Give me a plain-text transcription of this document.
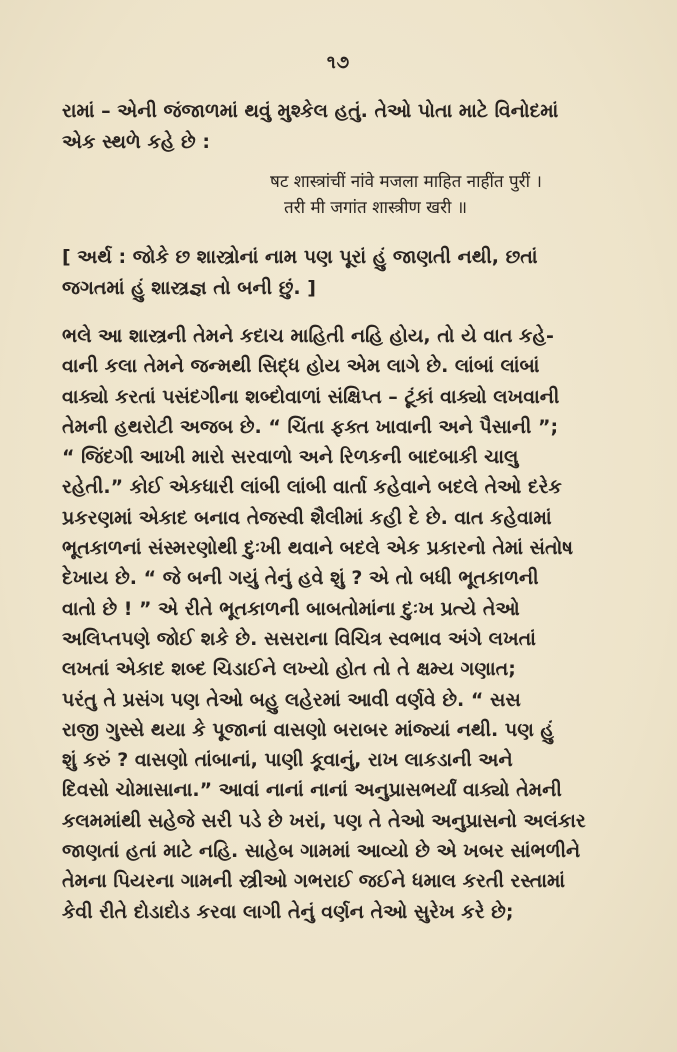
૧૭
રામાં – એની જંજાળમાં થવું મુશ્કેલ હતું. તેઓ પોતા માટે વિનોદમાં
એક સ્થળે કહે છે :
षट शास्त्रांचीं नांवे मजला माहित नाहींत पुरीं ।
तरी मी जगांत शास्त्रीण खरी ॥
[ અર્થ : જોકે છ શાસ્ત્રોનાં નામ પણ પૂરાં હું જાણતી નથી, છતાં
જગતમાં હું શાસ્ત્રજ્ઞ તો બની છું. ]
ભલે આ શાસ્ત્રની તેમને કદાચ માહિતી નહિ હોય, તો યે વાત કહે-
વાની કલા તેમને જન્મથી સિદ્ધ હોય એમ લાગે છે. લાંબાં લાંબાં
વાક્યો કરતાં પસંદગીના શબ્દોવાળાં સંક્ષિપ્ત – ટૂંકાં વાક્યો લખવાની
તેમની હથરોટી અજબ છે. “ ચિંતા ફક્ત ખાવાની અને પૈસાની ”;
“ જિંદગી આખી મારો સરવાળો અને રિળકની બાદબાકી ચાલુ
રહેતી.” કોઈ એકધારી લાંબી લાંબી વાર્તા કહેવાને બદલે તેઓ દરેક
પ્રકરણમાં એકાદ બનાવ તેજસ્વી શૈલીમાં કહી દે છે. વાત કહેવામાં
ભૂતકાળનાં સંસ્મરણોથી દુઃખી થવાને બદલે એક પ્રકારનો તેમાં સંતોષ
દેખાય છે. “ જે બની ગયું તેનું હવે શું ? એ તો બધી ભૂતકાળની
વાતો છે ! ” એ રીતે ભૂતકાળની બાબતોમાંના દુઃખ પ્રત્યે તેઓ
અલિપ્તપણે જોઈ શકે છે. સસરાના વિચિત્ર સ્વભાવ અંગે લખતાં
લખતાં એકાદ શબ્દ ચિડાઈને લખ્યો હોત તો તે ક્ષમ્ય ગણાત;
પરંતુ તે પ્રસંગ પણ તેઓ બહુ લહેરમાં આવી વર્ણવે છે. “ સસ
રાજી ગુસ્સે થયા કે પૂજાનાં વાસણો બરાબર માંજ્યાં નથી. પણ હું
શું કરું ? વાસણો તાંબાનાં, પાણી કૂવાનું, રાખ લાકડાની અને
દિવસો ચોમાસાના.” આવાં નાનાં નાનાં અનુપ્રાસભર્યાં વાક્યો તેમની
કલમમાંથી સહેજે સરી પડે છે ખરાં, પણ તે તેઓ અનુપ્રાસનો અલંકાર
જાણતાં હતાં માટે નહિ. સાહેબ ગામમાં આવ્યો છે એ ખબર સાંભળીને
તેમના પિયરના ગામની સ્ત્રીઓ ગભરાઈ જઈને ધમાલ કરતી રસ્તામાં
કેવી રીતે દોડાદોડ કરવા લાગી તેનું વર્ણન તેઓ સુરેખ કરે છે;
